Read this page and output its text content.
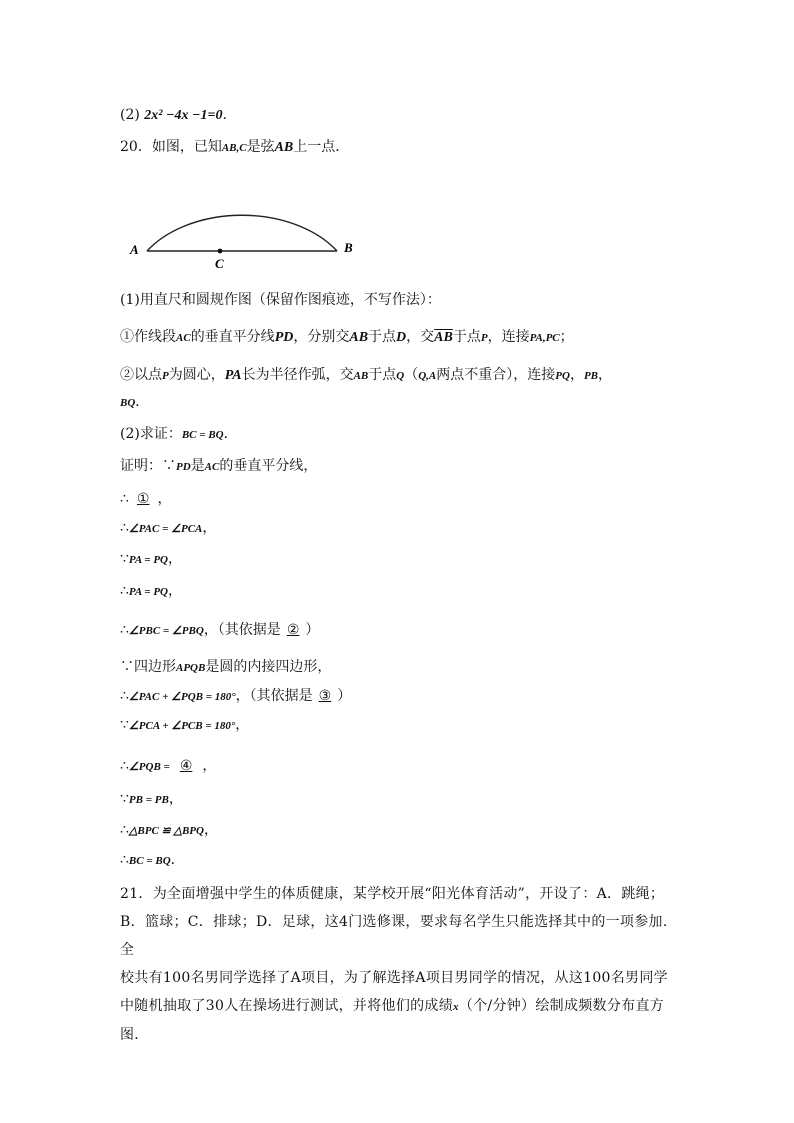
(2) 2x² −4x −1=0.
20．如图，已知AB,C是弦AB上一点．
A	B
C
(1)用直尺和圆规作图（保留作图痕迹，不写作法）：
①作线段AC的垂直平分线PD，分别交AB于点D，交$\overline{AB}$于点P，连接PA,PC；
②以点P为圆心，PA长为半径作弧，交AB于点Q（Q,A两点不重合），连接PQ，PB，
BQ．
(2)求证：BC = BQ．
证明：∵PD是AC的垂直平分线，
∴ ① ，
∴∠PAC = ∠PCA，
∵PA = PQ，
∴PA = PQ，
∴∠PBC = ∠PBQ，（其依据是 ② ）
∵四边形APQB是圆的内接四边形，
∴∠PAC + ∠PQB = 180°，（其依据是 ③ ）
∵∠PCA + ∠PCB = 180°，
∴∠PQB = ④ ，
∵PB = PB，
∴△BPC ≌ △BPQ，
∴BC = BQ．
21．为全面增强中学生的体质健康，某学校开展“阳光体育活动”，开设了：A．跳绳；
B．篮球；C．排球；D．足球，这4门选修课，要求每名学生只能选择其中的一项参加．全
校共有100名男同学选择了A项目，为了解选择A项目男同学的情况，从这100名男同学
中随机抽取了30人在操场进行测试，并将他们的成绩x（个/分钟）绘制成频数分布直方
图．
